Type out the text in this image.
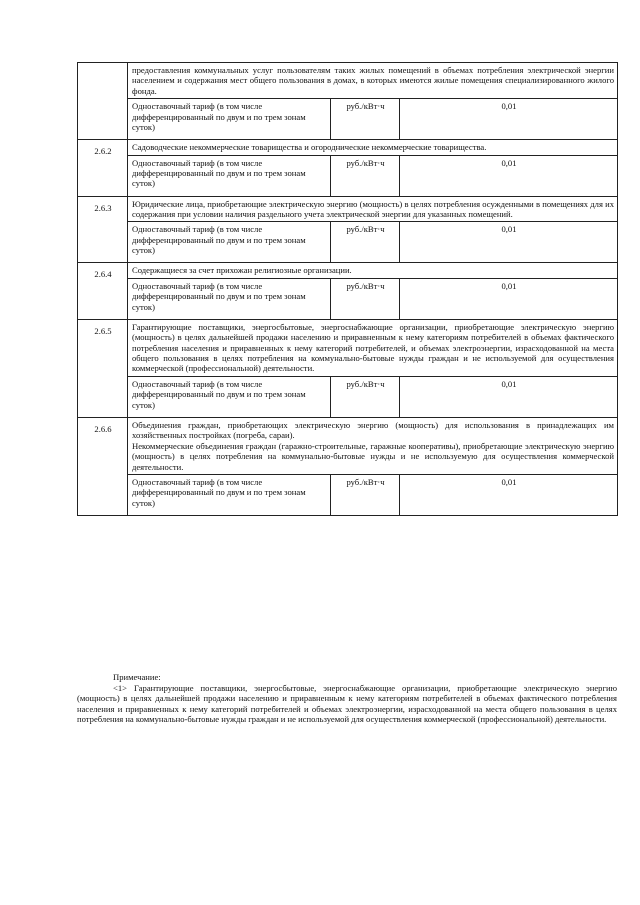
	предоставления коммунальных услуг пользователям таких жилых помещений в объемах потребления электрической энергии населением и содержания мест общего пользования в домах, в которых имеются жилые помещения специализированного жилого фонда.		
	Одноставочный тариф (в том числе дифференцированный по двум и по трем зонам суток)	руб./кВт·ч	0,01
2.6.2	Садоводческие некоммерческие товарищества и огороднические некоммерческие товарищества.		

	Одноставочный тариф (в том числе дифференцированный по двум и по трем зонам суток)	руб./кВт·ч	0,01
2.6.3	Юридические лица, приобретающие электрическую энергию (мощность) в целях потребления осужденными в помещениях для их содержания при условии наличия раздельного учета электрической энергии для указанных помещений.		

	Одноставочный тариф (в том числе дифференцированный по двум и по трем зонам суток)	руб./кВт·ч	0,01
2.6.4	Содержащиеся за счет прихожан религиозные организации.		

	Одноставочный тариф (в том числе дифференцированный по двум и по трем зонам суток)	руб./кВт·ч	0,01
2.6.5	Гарантирующие поставщики, энергосбытовые, энергоснабжающие организации, приобретающие электрическую энергию (мощность) в целях дальнейшей продажи населению и приравненным к нему категориям потребителей в объемах фактического потребления населения и приравненных к нему категорий потребителей, и объемах электроэнергии, израсходованной на места общего пользования в целях потребления на коммунально-бытовые нужды граждан и не используемой для осуществления коммерческой (профессиональной) деятельности.		

	Одноставочный тариф (в том числе дифференцированный по двум и по трем зонам суток)	руб./кВт·ч	0,01
2.6.6	Объединения граждан, приобретающих электрическую энергию (мощность) для использования в принадлежащих им хозяйственных постройках (погреба, сараи).

Некоммерческие объединения граждан (гаражно-строительные, гаражные кооперативы), приобретающие электрическую энергию (мощность) в целях потребления на коммунально-бытовые нужды и не используемую для осуществления коммерческой деятельности.		

	Одноставочный тариф (в том числе дифференцированный по двум и по трем зонам суток)	руб./кВт·ч	0,01

Примечание:

<1> Гарантирующие поставщики, энергосбытовые, энергоснабжающие организации, приобретающие электрическую энергию (мощность) в целях дальнейшей продажи населению и приравненным к нему категориям потребителей в объемах фактического потребления населения и приравненных к нему категорий потребителей и объемах электроэнергии, израсходованной на места общего пользования в целях потребления на коммунально-бытовые нужды граждан и не используемой для осуществления коммерческой (профессиональной) деятельности.
